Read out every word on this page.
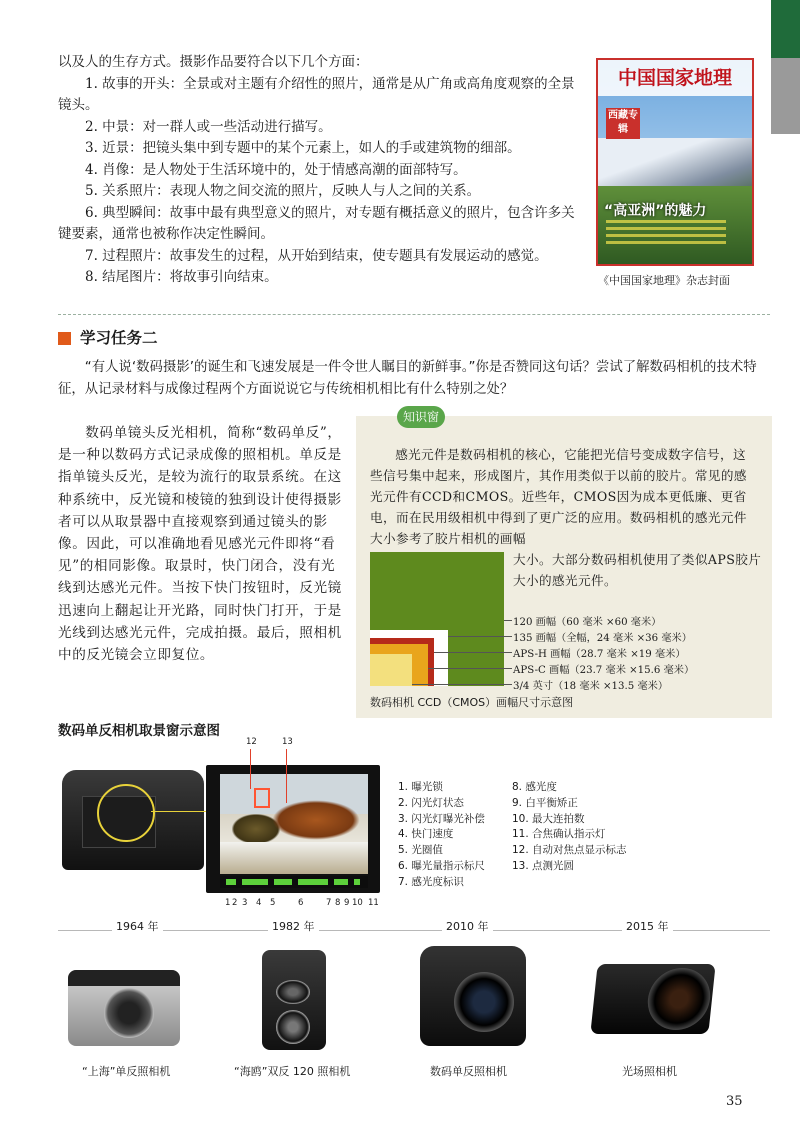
以及人的生存方式。摄影作品要符合以下几个方面：

1. 故事的开头：全景或对主题有介绍性的照片，通常是从广角或高角度观察的全景镜头。

2. 中景：对一群人或一些活动进行描写。

3. 近景：把镜头集中到专题中的某个元素上，如人的手或建筑物的细部。

4. 肖像：是人物处于生活环境中的，处于情感高潮的面部特写。

5. 关系照片：表现人物之间交流的照片，反映人与人之间的关系。

6. 典型瞬间：故事中最有典型意义的照片，对专题有概括意义的照片，包含许多关键要素，通常也被称作决定性瞬间。

7. 过程照片：故事发生的过程，从开始到结束，使专题具有发展运动的感觉。

8. 结尾图片：将故事引向结束。

中国国家地理
西藏专辑
“高亚洲”的魅力
《中国国家地理》杂志封面
学习任务二

“有人说‘数码摄影’的诞生和飞速发展是一件令世人瞩目的新鲜事。”你是否赞同这句话？尝试了解数码相机的技术特征，从记录材料与成像过程两个方面说说它与传统相机相比有什么特别之处？

数码单镜头反光相机，简称“数码单反”，是一种以数码方式记录成像的照相机。单反是指单镜头反光，是较为流行的取景系统。在这种系统中，反光镜和棱镜的独到设计使得摄影者可以从取景器中直接观察到通过镜头的影像。因此，可以准确地看见感光元件即将“看见”的相同影像。取景时，快门闭合，没有光线到达感光元件。当按下快门按钮时，反光镜迅速向上翻起让开光路，同时快门打开，于是光线到达感光元件，完成拍摄。最后，照相机中的反光镜会立即复位。

知识窗

感光元件是数码相机的核心，它能把光信号变成数字信号，这些信号集中起来，形成图片，其作用类似于以前的胶片。常见的感光元件有CCD和CMOS。近些年，CMOS因为成本更低廉、更省电，而在民用级相机中得到了更广泛的应用。数码相机的感光元件大小参考了胶片相机的画幅

大小。大部分数码相机使用了类似APS胶片大小的感光元件。

120 画幅（60 毫米 ×60 毫米）
135 画幅（全幅，24 毫米 ×36 毫米）
APS-H 画幅（28.7 毫米 ×19 毫米）
APS-C 画幅（23.7 毫米 ×15.6 毫米）
3/4 英寸（18 毫米 ×13.5 毫米）
数码相机 CCD（CMOS）画幅尺寸示意图
数码单反相机取景窗示意图
12	13
1 2 3 4 5	6	7 8 9 10 11

1. 曝光锁

2. 闪光灯状态

3. 闪光灯曝光补偿

4. 快门速度

5. 光圈值

6. 曝光量指示标尺

7. 感光度标识

8. 感光度

9. 白平衡矫正

10. 最大连拍数

11. 合焦确认指示灯

12. 自动对焦点显示标志

13. 点测光圆

1964 年	1982 年	2010 年	2015 年
“上海”单反照相机	“海鸥”双反 120 照相机	数码单反照相机	光场照相机
35
